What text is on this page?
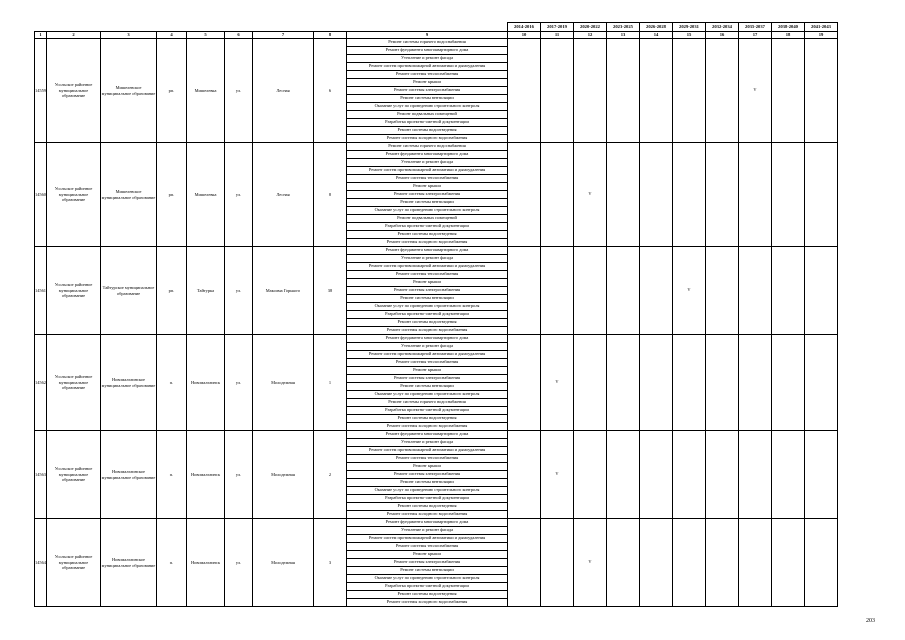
									2014-2016	2017-2019	2020-2022	2023-2025	2026-2028	2029-2031	2032-2034	2035-2037	2038-2040	2041-2043
1	2	3	4	5	6	7	8	9	10	11	12	13	14	15	16	17	18	19
14559	Усольское районное муниципальное образование	Мишелевское муниципальное образование	рп.	Мишелевка	ул.	Лесная	6	Ремонт системы горячего водоснабжения								V		
								Ремонт фундамента многоквартирного дома										
								Утепление и ремонт фасада										
								Ремонт систем противопожарной автоматики и дымоудаления										
								Ремонт системы теплоснабжения										
								Ремонт крыши										
								Ремонт системы электроснабжения										
								Ремонт системы вентиляции										
								Оказание услуг по проведению строительного контроля										
								Ремонт подвальных помещений										
								Разработка проектно-сметной документации										
								Ремонт системы водоотведения										
								Ремонт системы холодного водоснабжения										
14560	Усольское районное муниципальное образование	Мишелевское муниципальное образование	рп.	Мишелевка	ул.	Лесная	8	Ремонт системы горячего водоснабжения			V							
								Ремонт фундамента многоквартирного дома										
								Утепление и ремонт фасада										
								Ремонт систем противопожарной автоматики и дымоудаления										
								Ремонт системы теплоснабжения										
								Ремонт крыши										
								Ремонт системы электроснабжения										
								Ремонт системы вентиляции										
								Оказание услуг по проведению строительного контроля										
								Ремонт подвальных помещений										
								Разработка проектно-сметной документации										
								Ремонт системы водоотведения										
								Ремонт системы холодного водоснабжения										
14561	Усольское районное муниципальное образование	Тайтурское муниципальное образование	рп.	Тайтурка	ул.	Максима Горького	38	Ремонт фундамента многоквартирного дома						V				
								Утепление и ремонт фасада										
								Ремонт систем противопожарной автоматики и дымоудаления										
								Ремонт системы теплоснабжения										
								Ремонт крыши										
								Ремонт системы электроснабжения										
								Ремонт системы вентиляции										
								Оказание услуг по проведению строительного контроля										
								Разработка проектно-сметной документации										
								Ремонт системы водоотведения										
								Ремонт системы холодного водоснабжения										
14562	Усольское районное муниципальное образование	Новомальтинское муниципальное образование	п.	Новомальтинск	ул.	Молодежная	1	Ремонт фундамента многоквартирного дома		V								
								Утепление и ремонт фасада										
								Ремонт систем противопожарной автоматики и дымоудаления										
								Ремонт системы теплоснабжения										
								Ремонт крыши										
								Ремонт системы электроснабжения										
								Ремонт системы вентиляции										
								Оказание услуг по проведению строительного контроля										
								Ремонт системы горячего водоснабжения										
								Разработка проектно-сметной документации										
								Ремонт системы водоотведения										
								Ремонт системы холодного водоснабжения										
14563	Усольское районное муниципальное образование	Новомальтинское муниципальное образование	п.	Новомальтинск	ул.	Молодежная	2	Ремонт фундамента многоквартирного дома		V								
								Утепление и ремонт фасада										
								Ремонт систем противопожарной автоматики и дымоудаления										
								Ремонт системы теплоснабжения										
								Ремонт крыши										
								Ремонт системы электроснабжения										
								Ремонт системы вентиляции										
								Оказание услуг по проведению строительного контроля										
								Разработка проектно-сметной документации										
								Ремонт системы водоотведения										
								Ремонт системы холодного водоснабжения										
14564	Усольское районное муниципальное образование	Новомальтинское муниципальное образование	п.	Новомальтинск	ул.	Молодежная	3	Ремонт фундамента многоквартирного дома			V							
								Утепление и ремонт фасада										
								Ремонт систем противопожарной автоматики и дымоудаления										
								Ремонт системы теплоснабжения										
								Ремонт крыши										
								Ремонт системы электроснабжения										
								Ремонт системы вентиляции										
								Оказание услуг по проведению строительного контроля										
								Разработка проектно-сметной документации										
								Ремонт системы водоотведения										
								Ремонт системы холодного водоснабжения										
203
